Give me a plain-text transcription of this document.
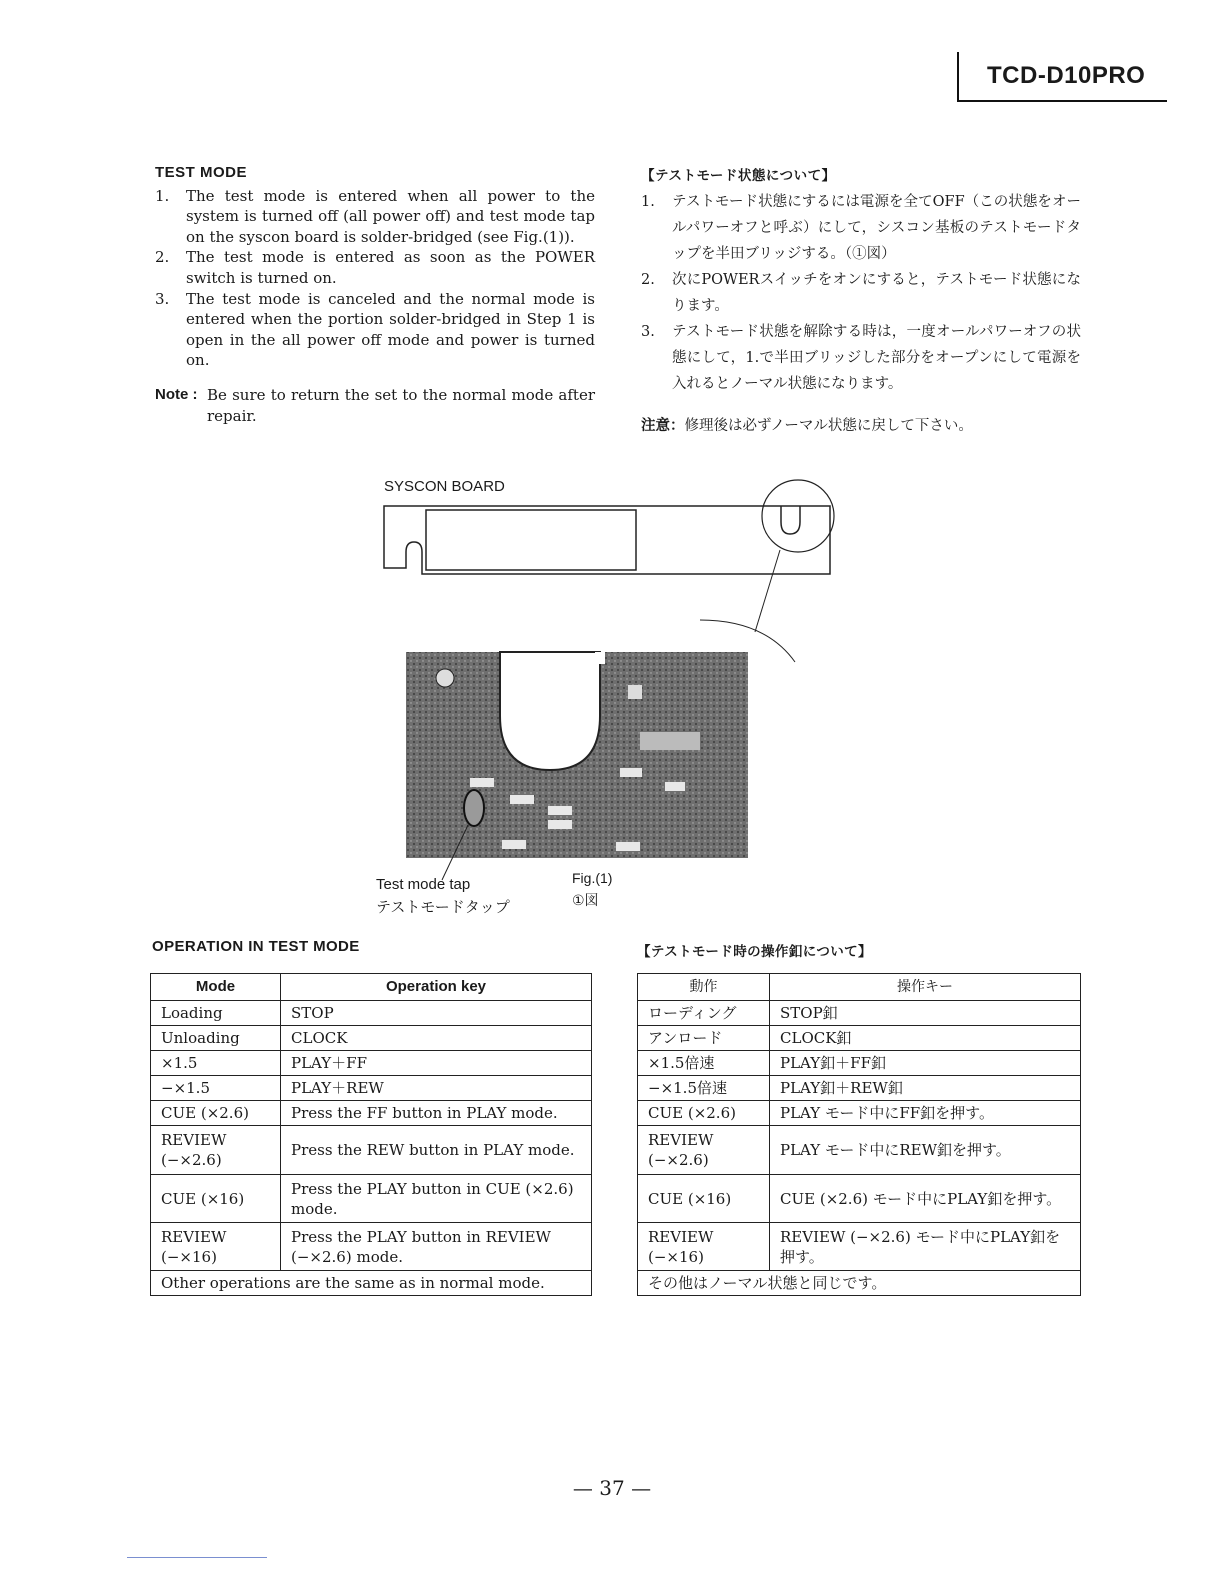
TCD-D10PRO
TEST MODE
1. The test mode is entered when all power to the system is turned off (all power off) and test mode tap on the syscon board is solder-bridged (see Fig.(1)).
2. The test mode is entered as soon as the POWER switch is turned on.
3. The test mode is canceled and the normal mode is entered when the portion solder-bridged in Step 1 is open in the all power off mode and power is turned on.
Note : Be sure to return the set to the normal mode after repair.
【テストモード状態について】
1. テストモード状態にするには電源を全てOFF（この状態をオールパワーオフと呼ぶ）にして，シスコン基板のテストモードタップを半田ブリッジする。（①図）
2. 次にPOWERスイッチをオンにすると，テストモード状態になります。
3. テストモード状態を解除する時は，一度オールパワーオフの状態にして，1.で半田ブリッジした部分をオープンにして電源を入れるとノーマル状態になります。
注意：修理後は必ずノーマル状態に戻して下さい。
SYSCON BOARD
Test mode tap
テストモードタップ
Fig.(1)
①図
OPERATION IN TEST MODE	【テストモード時の操作釦について】
Mode	Operation key
Loading	STOP
Unloading	CLOCK
×1.5	PLAY＋FF
−×1.5	PLAY＋REW
CUE (×2.6)	Press the FF button in PLAY mode.
REVIEW (−×2.6)	Press the REW button in PLAY mode.
CUE (×16)	Press the PLAY button in CUE (×2.6) mode.
REVIEW (−×16)	Press the PLAY button in REVIEW (−×2.6) mode.
Other operations are the same as in normal mode.	
動作	操作キー
ローディング	STOP釦
アンロード	CLOCK釦
×1.5倍速	PLAY釦＋FF釦
−×1.5倍速	PLAY釦＋REW釦
CUE (×2.6)	PLAY モード中にFF釦を押す。
REVIEW (−×2.6)	PLAY モード中にREW釦を押す。
CUE (×16)	CUE (×2.6) モード中にPLAY釦を押す。
REVIEW (−×16)	REVIEW (−×2.6) モード中にPLAY釦を押す。
その他はノーマル状態と同じです。	
— 37 —
